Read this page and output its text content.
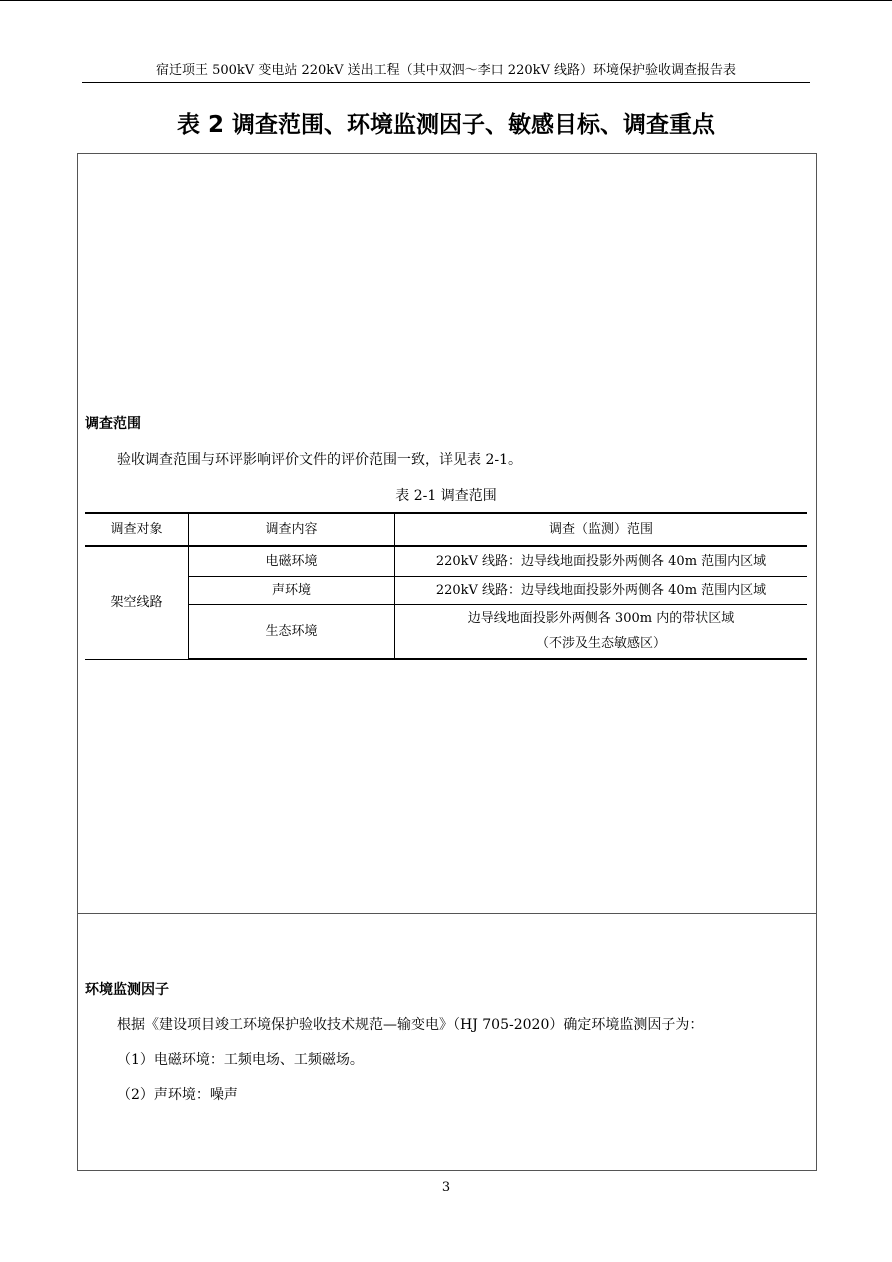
宿迁项王 500kV 变电站 220kV 送出工程（其中双泗～李口 220kV 线路）环境保护验收调查报告表
表 2 调查范围、环境监测因子、敏感目标、调查重点
调查范围
验收调查范围与环评影响评价文件的评价范围一致，详见表 2-1。
表 2-1 调查范围
调查对象	调查内容	调查（监测）范围
架空线路	电磁环境	220kV 线路：边导线地面投影外两侧各 40m 范围内区域
	声环境	220kV 线路：边导线地面投影外两侧各 40m 范围内区域
	生态环境	边导线地面投影外两侧各 300m 内的带状区域
（不涉及生态敏感区）
环境监测因子
根据《建设项目竣工环境保护验收技术规范—输变电》（HJ 705-2020）确定环境监测因子为：
（1）电磁环境：工频电场、工频磁场。
（2）声环境：噪声
3
